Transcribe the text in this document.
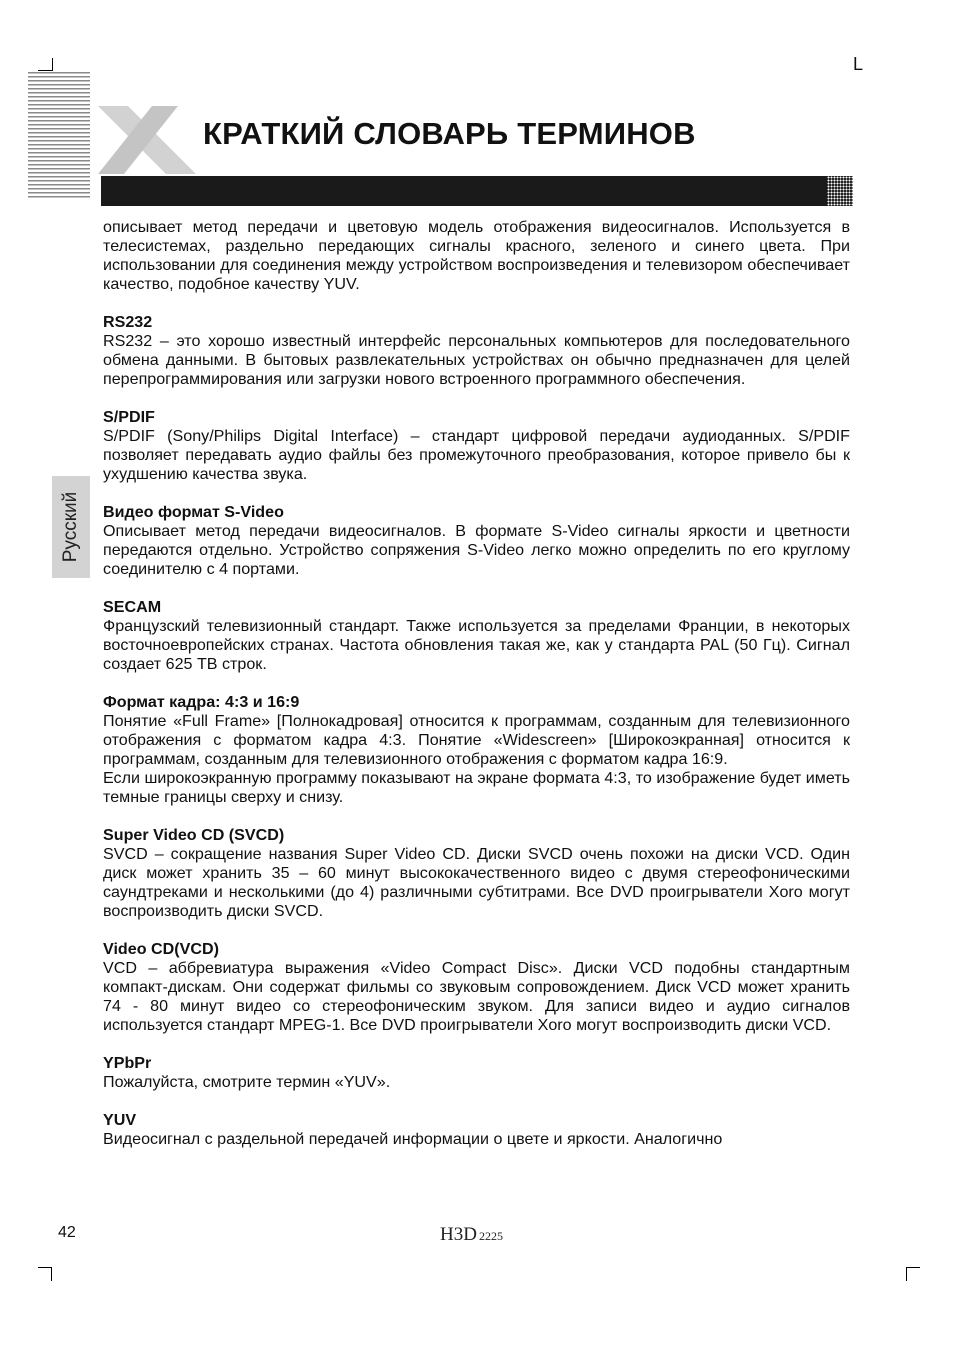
L
КРАТКИЙ СЛОВАРЬ ТЕРМИНОВ
Русский

описывает метод передачи и цветовую модель отображения видеосигналов. Используется в телесистемах, раздельно передающих сигналы красного, зеленого и синего цвета. При использовании для соединения между устройством воспроизведения и телевизором обеспечивает качество, подобное качеству YUV.

RS232

RS232 – это хорошо известный интерфейс персональных компьютеров для последовательного обмена данными. В бытовых развлекательных устройствах он обычно предназначен для целей перепрограммирования или загрузки нового встроенного программного обеспечения.

S/PDIF

S/PDIF (Sony/Philips Digital Interface) – стандарт цифровой передачи аудиоданных. S/PDIF позволяет передавать аудио файлы без промежуточного преобразования, которое привело бы к ухудшению качества звука.

Видео формат S-Video

Описывает метод передачи видеосигналов. В формате S-Video сигналы яркости и цветности передаются отдельно. Устройство сопряжения S-Video легко можно определить по его круглому соединителю с 4 портами.

SECAM

Французский телевизионный стандарт. Также используется за пределами Франции, в некоторых восточноевропейских странах. Частота обновления такая же, как у стандарта PAL (50 Гц). Сигнал создает 625 ТВ строк.

Формат кадра: 4:3 и 16:9

Понятие «Full Frame» [Полнокадровая] относится к программам, созданным для телевизионного отображения с форматом кадра 4:3. Понятие «Widescreen» [Широкоэкранная] относится к программам, созданным для телевизионного отображения с форматом кадра 16:9.

Если широкоэкранную программу показывают на экране формата 4:3, то изображение будет иметь темные границы сверху и снизу.

Super Video CD (SVCD)

SVCD – сокращение названия Super Video CD. Диски SVCD очень похожи на диски VCD. Один диск может хранить 35 – 60 минут высококачественного видео с двумя стереофоническими саундтреками и несколькими (до 4) различными субтитрами. Все DVD проигрыватели Xoro могут воспроизводить диски SVCD.

Video CD(VCD)

VCD – аббревиатура выражения «Video Compact Disc». Диски VCD подобны стандартным компакт-дискам. Они содержат фильмы со звуковым сопровождением. Диск VCD может хранить 74 - 80 минут видео со стереофоническим звуком. Для записи видео и аудио сигналов используется стандарт MPEG-1. Все DVD проигрыватели Xoro могут воспроизводить диски VCD.

YPbPr

Пожалуйста, смотрите термин «YUV».

YUV

Видеосигнал с раздельной передачей информации о цвете и яркости. Аналогично

42	H3D 2225
